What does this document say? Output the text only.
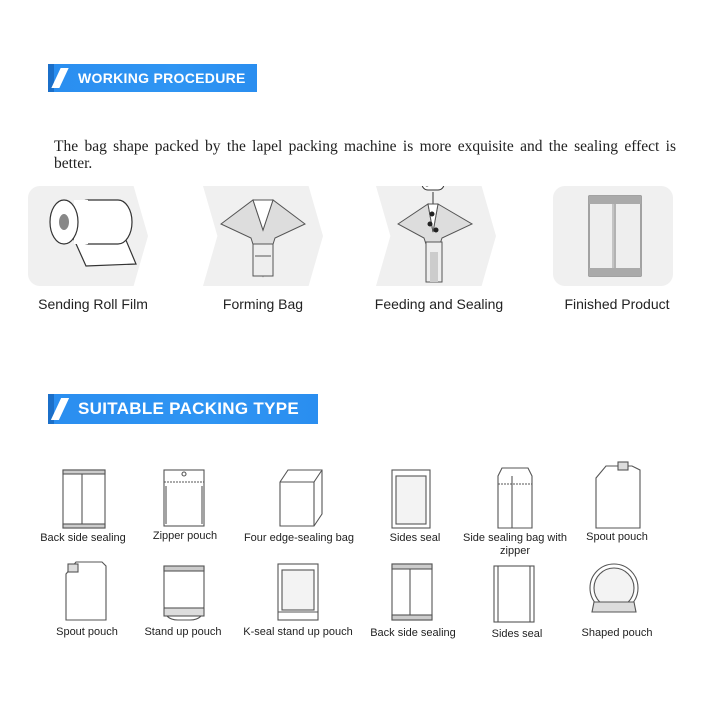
WORKING PROCEDURE
The bag shape packed by the lapel packing machine is more exquisite and the sealing effect is better.
Sending Roll Film	Forming Bag	Feeding and Sealing	Finished Product
SUITABLE PACKING TYPE
Back side sealing	Zipper pouch	Four edge-sealing bag	Sides seal	Side sealing bag with zipper
Spout pouch
Spout pouch	Stand up pouch	K-seal stand up pouch	Back side sealing	Sides seal	Shaped pouch
